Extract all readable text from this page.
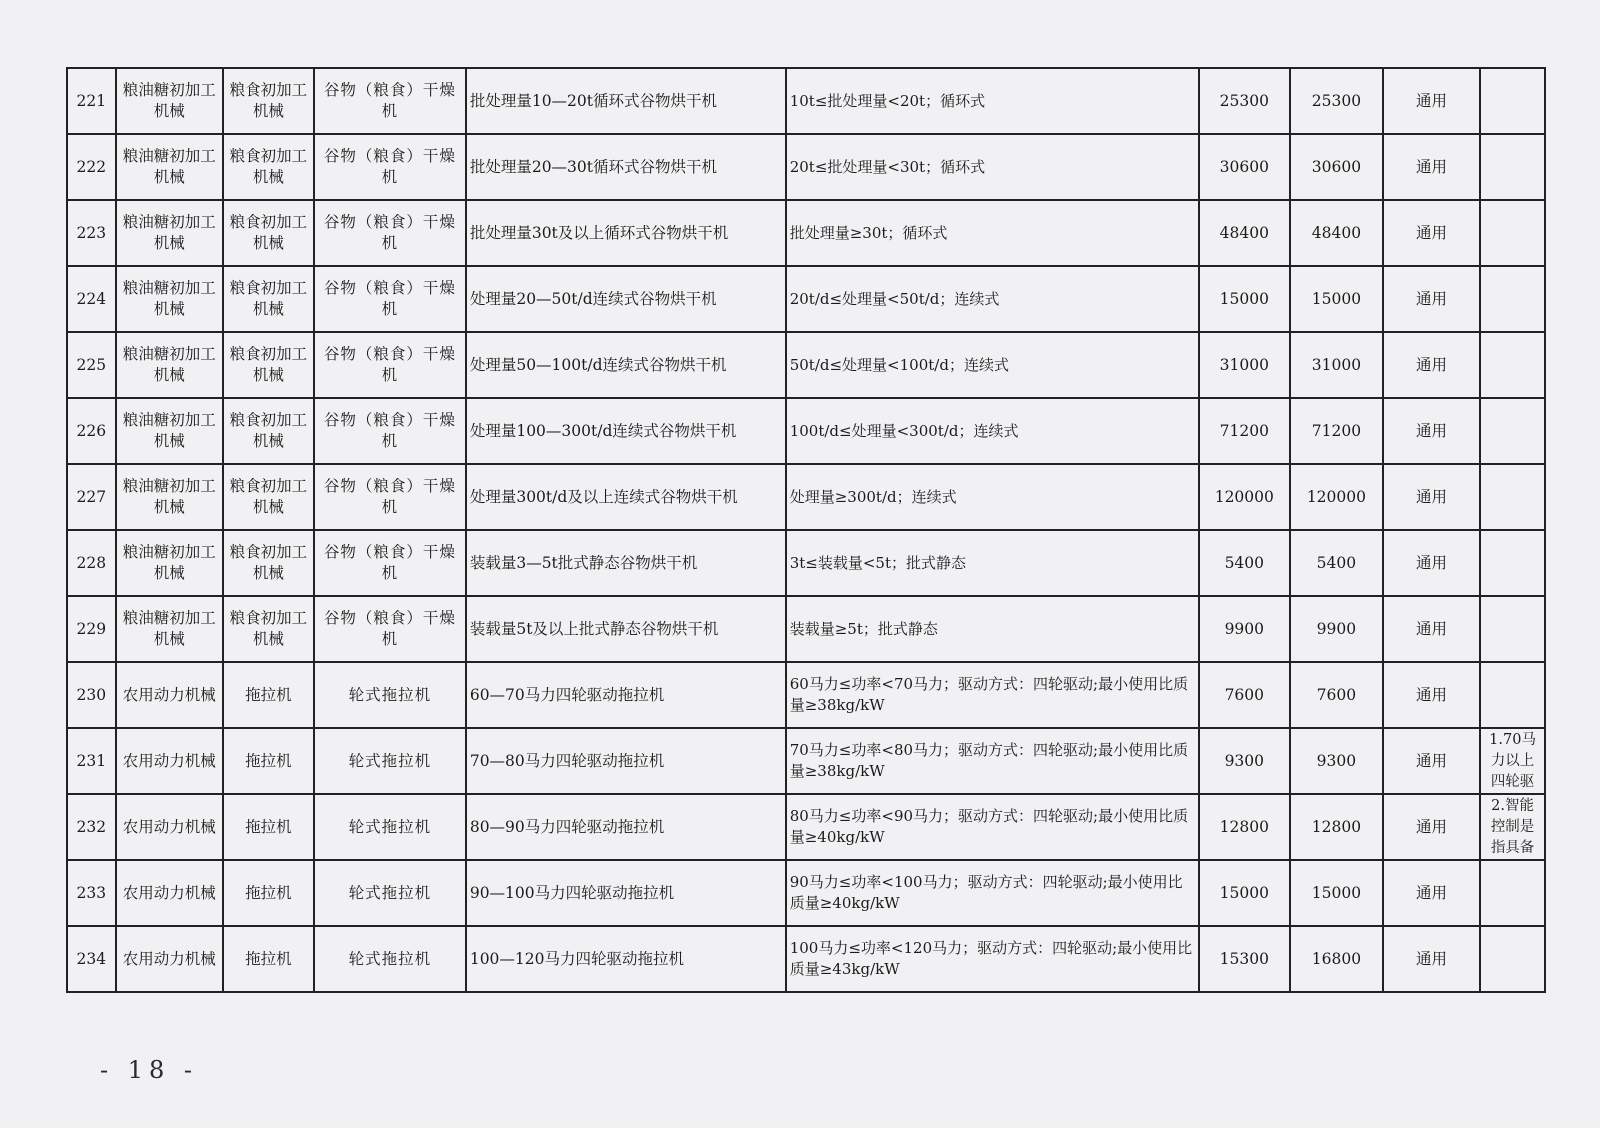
221	粮油糖初加工机械	粮食初加工机械	谷物（粮食）干燥机	批处理量10—20t循环式谷物烘干机	10t≤批处理量<20t；循环式	25300	25300	通用	
222	粮油糖初加工机械	粮食初加工机械	谷物（粮食）干燥机	批处理量20—30t循环式谷物烘干机	20t≤批处理量<30t；循环式	30600	30600	通用	
223	粮油糖初加工机械	粮食初加工机械	谷物（粮食）干燥机	批处理量30t及以上循环式谷物烘干机	批处理量≥30t；循环式	48400	48400	通用	
224	粮油糖初加工机械	粮食初加工机械	谷物（粮食）干燥机	处理量20—50t/d连续式谷物烘干机	20t/d≤处理量<50t/d；连续式	15000	15000	通用	
225	粮油糖初加工机械	粮食初加工机械	谷物（粮食）干燥机	处理量50—100t/d连续式谷物烘干机	50t/d≤处理量<100t/d；连续式	31000	31000	通用	
226	粮油糖初加工机械	粮食初加工机械	谷物（粮食）干燥机	处理量100—300t/d连续式谷物烘干机	100t/d≤处理量<300t/d；连续式	71200	71200	通用	
227	粮油糖初加工机械	粮食初加工机械	谷物（粮食）干燥机	处理量300t/d及以上连续式谷物烘干机	处理量≥300t/d；连续式	120000	120000	通用	
228	粮油糖初加工机械	粮食初加工机械	谷物（粮食）干燥机	装载量3—5t批式静态谷物烘干机	3t≤装载量<5t；批式静态	5400	5400	通用	
229	粮油糖初加工机械	粮食初加工机械	谷物（粮食）干燥机	装载量5t及以上批式静态谷物烘干机	装载量≥5t；批式静态	9900	9900	通用	
230	农用动力机械	拖拉机	轮式拖拉机	60—70马力四轮驱动拖拉机	60马力≤功率<70马力；驱动方式：四轮驱动;最小使用比质量≥38kg/kW	7600	7600	通用	
231	农用动力机械	拖拉机	轮式拖拉机	70—80马力四轮驱动拖拉机	70马力≤功率<80马力；驱动方式：四轮驱动;最小使用比质量≥38kg/kW	9300	9300	通用	1.70马力以上四轮驱
232	农用动力机械	拖拉机	轮式拖拉机	80—90马力四轮驱动拖拉机	80马力≤功率<90马力；驱动方式：四轮驱动;最小使用比质量≥40kg/kW	12800	12800	通用	2.智能控制是指具备
233	农用动力机械	拖拉机	轮式拖拉机	90—100马力四轮驱动拖拉机	90马力≤功率<100马力；驱动方式：四轮驱动;最小使用比质量≥40kg/kW	15000	15000	通用	
234	农用动力机械	拖拉机	轮式拖拉机	100—120马力四轮驱动拖拉机	100马力≤功率<120马力；驱动方式：四轮驱动;最小使用比质量≥43kg/kW	15300	16800	通用	
- 18 -
